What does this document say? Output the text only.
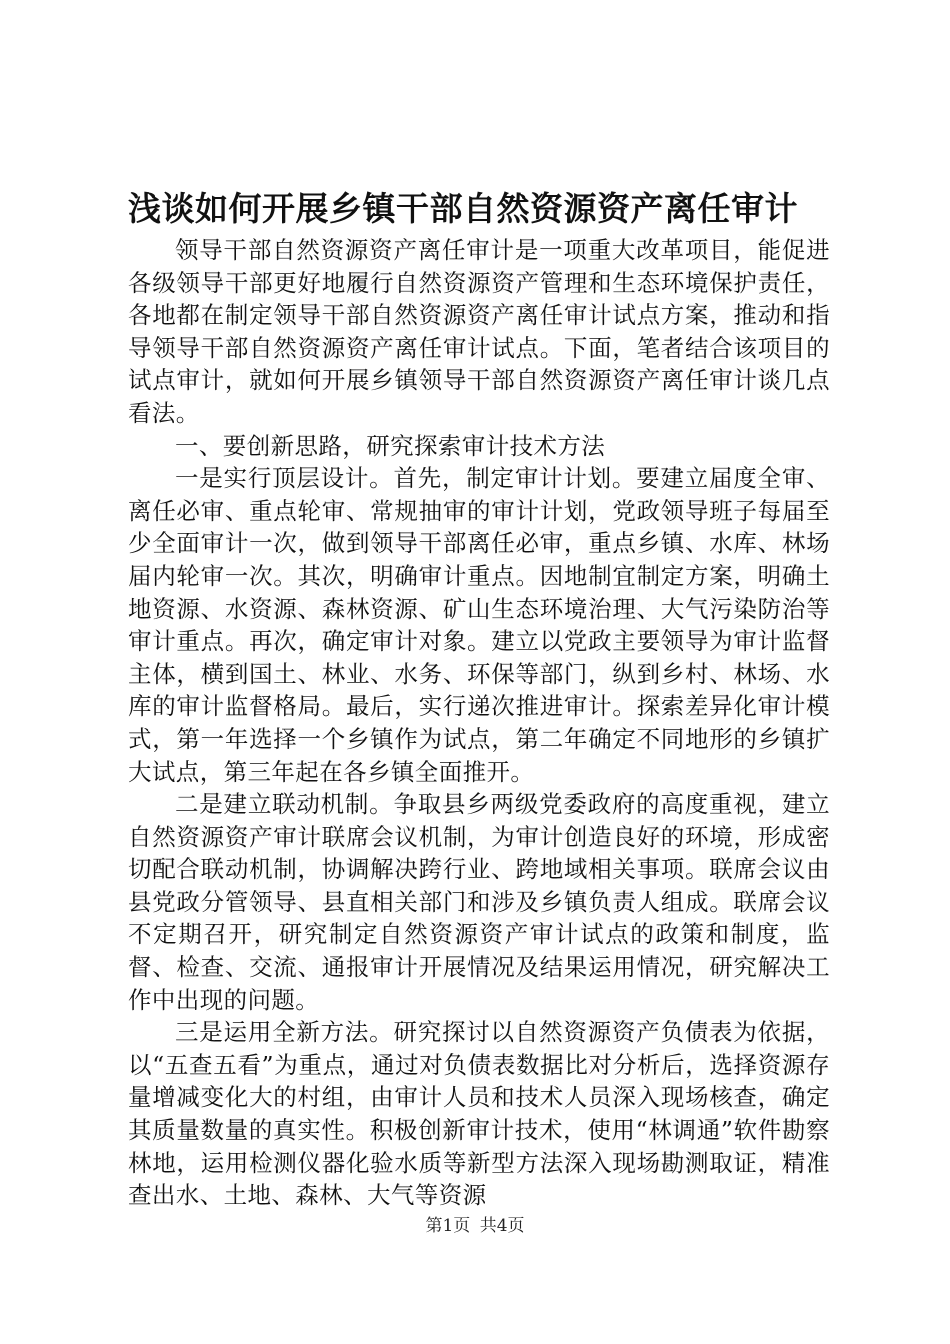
浅谈如何开展乡镇干部自然资源资产离任审计

领导干部自然资源资产离任审计是一项重大改革项目，能促进各级领导干部更好地履行自然资源资产管理和生态环境保护责任，各地都在制定领导干部自然资源资产离任审计试点方案，推动和指导领导干部自然资源资产离任审计试点。下面，笔者结合该项目的试点审计，就如何开展乡镇领导干部自然资源资产离任审计谈几点看法。

一、要创新思路，研究探索审计技术方法

一是实行顶层设计。首先，制定审计计划。要建立届度全审、离任必审、重点轮审、常规抽审的审计计划，党政领导班子每届至少全面审计一次，做到领导干部离任必审，重点乡镇、水库、林场届内轮审一次。其次，明确审计重点。因地制宜制定方案，明确土地资源、水资源、森林资源、矿山生态环境治理、大气污染防治等审计重点。再次，确定审计对象。建立以党政主要领导为审计监督主体，横到国土、林业、水务、环保等部门，纵到乡村、林场、水库的审计监督格局。最后，实行递次推进审计。探索差异化审计模式，第一年选择一个乡镇作为试点，第二年确定不同地形的乡镇扩大试点，第三年起在各乡镇全面推开。

二是建立联动机制。争取县乡两级党委政府的高度重视，建立自然资源资产审计联席会议机制，为审计创造良好的环境，形成密切配合联动机制，协调解决跨行业、跨地域相关事项。联席会议由县党政分管领导、县直相关部门和涉及乡镇负责人组成。联席会议不定期召开，研究制定自然资源资产审计试点的政策和制度，监督、检查、交流、通报审计开展情况及结果运用情况，研究解决工作中出现的问题。

三是运用全新方法。研究探讨以自然资源资产负债表为依据，以“五查五看”为重点，通过对负债表数据比对分析后，选择资源存量增减变化大的村组，由审计人员和技术人员深入现场核查，确定其质量数量的真实性。积极创新审计技术，使用“林调通”软件勘察林地，运用检测仪器化验水质等新型方法深入现场勘测取证，精准查出水、土地、森林、大气等资源

第1页 共4页
